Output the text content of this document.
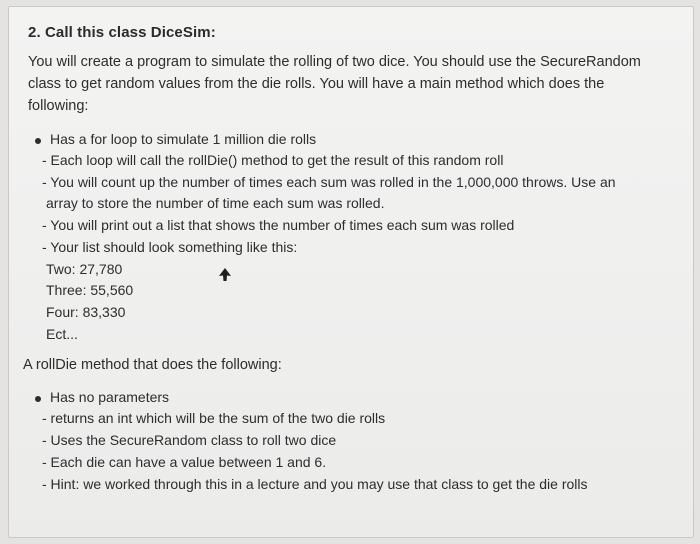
2. Call this class DiceSim:
You will create a program to simulate the rolling of two dice. You should use the SecureRandom class to get random values from the die rolls. You will have a main method which does the following:
Has a for loop to simulate 1 million die rolls
- Each loop will call the rollDie() method to get the result of this random roll
- You will count up the number of times each sum was rolled in the 1,000,000 throws. Use an
array to store the number of time each sum was rolled.
- You will print out a list that shows the number of times each sum was rolled
- Your list should look something like this:
Two: 27,780
Three: 55,560
Four: 83,330
Ect...
A rollDie method that does the following:
Has no parameters
- returns an int which will be the sum of the two die rolls
- Uses the SecureRandom class to roll two dice
- Each die can have a value between 1 and 6.
- Hint: we worked through this in a lecture and you may use that class to get the die rolls
